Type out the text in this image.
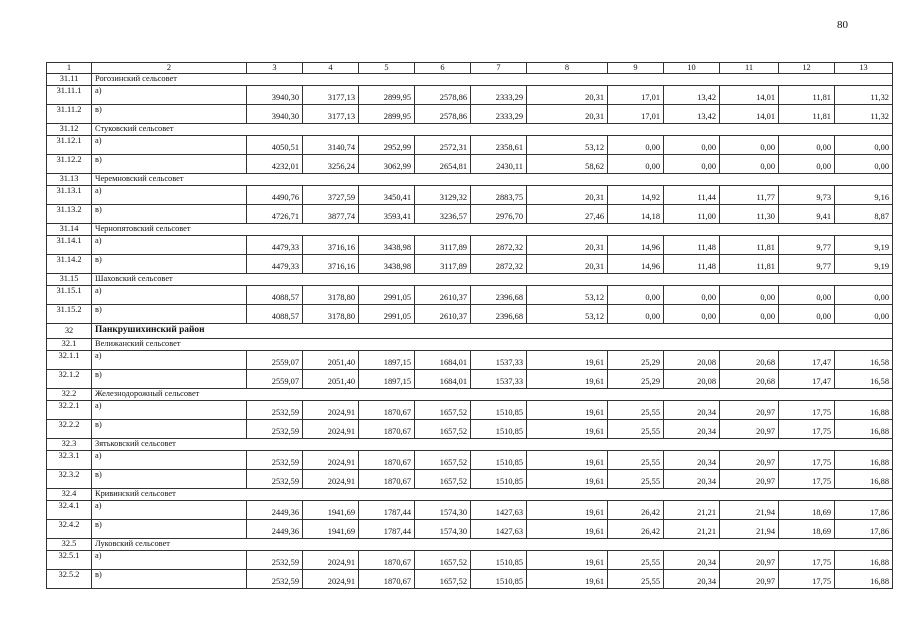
80
1	2	3	4	5	6	7	8	9	10	11	12	13
31.11	Рогозинский сельсовет											
31.11.1	а)	3940,30	3177,13	2899,95	2578,86	2333,29	20,31	17,01	13,42	14,01	11,81	11,32
31.11.2	в)	3940,30	3177,13	2899,95	2578,86	2333,29	20,31	17,01	13,42	14,01	11,81	11,32
31.12	Стуковский сельсовет											
31.12.1	а)	4050,51	3140,74	2952,99	2572,31	2358,61	53,12	0,00	0,00	0,00	0,00	0,00
31.12.2	в)	4232,01	3256,24	3062,99	2654,81	2430,11	58,62	0,00	0,00	0,00	0,00	0,00
31.13	Черемновский сельсовет											
31.13.1	а)	4490,76	3727,59	3450,41	3129,32	2883,75	20,31	14,92	11,44	11,77	9,73	9,16
31.13.2	в)	4726,71	3877,74	3593,41	3236,57	2976,70	27,46	14,18	11,00	11,30	9,41	8,87
31.14	Чернопятовский сельсовет											
31.14.1	а)	4479,33	3716,16	3438,98	3117,89	2872,32	20,31	14,96	11,48	11,81	9,77	9,19
31.14.2	в)	4479,33	3716,16	3438,98	3117,89	2872,32	20,31	14,96	11,48	11,81	9,77	9,19
31.15	Шаховский сельсовет											
31.15.1	а)	4088,57	3178,80	2991,05	2610,37	2396,68	53,12	0,00	0,00	0,00	0,00	0,00
31.15.2	в)	4088,57	3178,80	2991,05	2610,37	2396,68	53,12	0,00	0,00	0,00	0,00	0,00
32	Панкрушихинский район											
32.1	Велижанский сельсовет											
32.1.1	а)	2559,07	2051,40	1897,15	1684,01	1537,33	19,61	25,29	20,08	20,68	17,47	16,58
32.1.2	в)	2559,07	2051,40	1897,15	1684,01	1537,33	19,61	25,29	20,08	20,68	17,47	16,58
32.2	Железнодорожный сельсовет											
32.2.1	а)	2532,59	2024,91	1870,67	1657,52	1510,85	19,61	25,55	20,34	20,97	17,75	16,88
32.2.2	в)	2532,59	2024,91	1870,67	1657,52	1510,85	19,61	25,55	20,34	20,97	17,75	16,88
32.3	Зятьковский сельсовет											
32.3.1	а)	2532,59	2024,91	1870,67	1657,52	1510,85	19,61	25,55	20,34	20,97	17,75	16,88
32.3.2	в)	2532,59	2024,91	1870,67	1657,52	1510,85	19,61	25,55	20,34	20,97	17,75	16,88
32.4	Кривинский сельсовет											
32.4.1	а)	2449,36	1941,69	1787,44	1574,30	1427,63	19,61	26,42	21,21	21,94	18,69	17,86
32.4.2	в)	2449,36	1941,69	1787,44	1574,30	1427,63	19,61	26,42	21,21	21,94	18,69	17,86
32.5	Луковский сельсовет											
32.5.1	а)	2532,59	2024,91	1870,67	1657,52	1510,85	19,61	25,55	20,34	20,97	17,75	16,88
32.5.2	в)	2532,59	2024,91	1870,67	1657,52	1510,85	19,61	25,55	20,34	20,97	17,75	16,88
